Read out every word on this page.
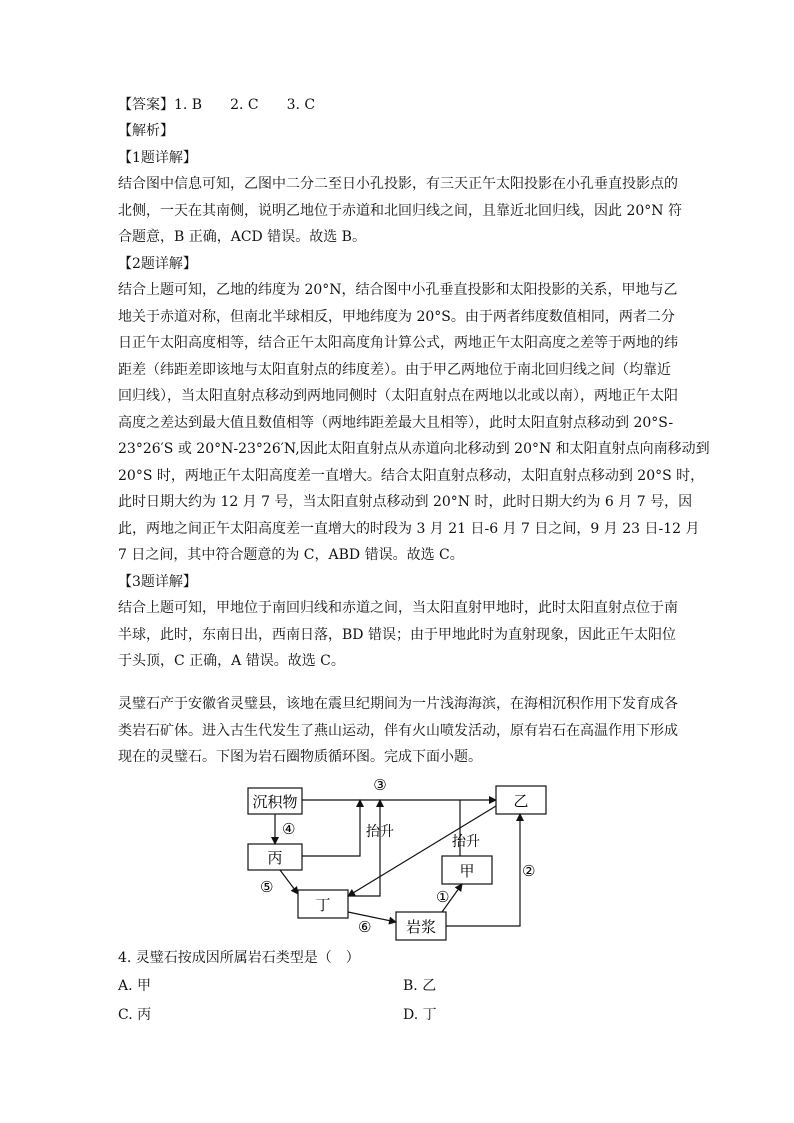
【答案】1. B　　2. C　　3. C
【解析】
【1题详解】
结合图中信息可知，乙图中二分二至日小孔投影，有三天正午太阳投影在小孔垂直投影点的
北侧，一天在其南侧，说明乙地位于赤道和北回归线之间，且靠近北回归线，因此 20°N 符
合题意，B 正确，ACD 错误。故选 B。
【2题详解】
结合上题可知，乙地的纬度为 20°N，结合图中小孔垂直投影和太阳投影的关系，甲地与乙
地关于赤道对称，但南北半球相反，甲地纬度为 20°S。由于两者纬度数值相同，两者二分
日正午太阳高度相等，结合正午太阳高度角计算公式，两地正午太阳高度之差等于两地的纬
距差（纬距差即该地与太阳直射点的纬度差）。由于甲乙两地位于南北回归线之间（均靠近
回归线），当太阳直射点移动到两地同侧时（太阳直射点在两地以北或以南），两地正午太阳
高度之差达到最大值且数值相等（两地纬距差最大且相等），此时太阳直射点移动到 20°S-
23°26′S 或 20°N-23°26′N,因此太阳直射点从赤道向北移动到 20°N 和太阳直射点向南移动到
20°S 时，两地正午太阳高度差一直增大。结合太阳直射点移动，太阳直射点移动到 20°S 时，
此时日期大约为 12 月 7 号，当太阳直射点移动到 20°N 时，此时日期大约为 6 月 7 号，因
此，两地之间正午太阳高度差一直增大的时段为 3 月 21 日-6 月 7 日之间，9 月 23 日-12 月
7 日之间，其中符合题意的为 C，ABD 错误。故选 C。
【3题详解】
结合上题可知，甲地位于南回归线和赤道之间，当太阳直射甲地时，此时太阳直射点位于南
半球，此时，东南日出，西南日落，BD 错误；由于甲地此时为直射现象，因此正午太阳位
于头顶，C 正确，A 错误。故选 C。
灵璧石产于安徽省灵璧县，该地在震旦纪期间为一片浅海海滨，在海相沉积作用下发育成各
类岩石矿体。进入古生代发生了燕山运动，伴有火山喷发活动，原有岩石在高温作用下形成
现在的灵璧石。下图为岩石圈物质循环图。完成下面小题。
沉积物
丙
丁
岩浆
甲
乙
③
④
⑤
⑥
①
②
抬升
抬升
4. 灵璧石按成因所属岩石类型是（　）
A. 甲	B. 乙
C. 丙	D. 丁
